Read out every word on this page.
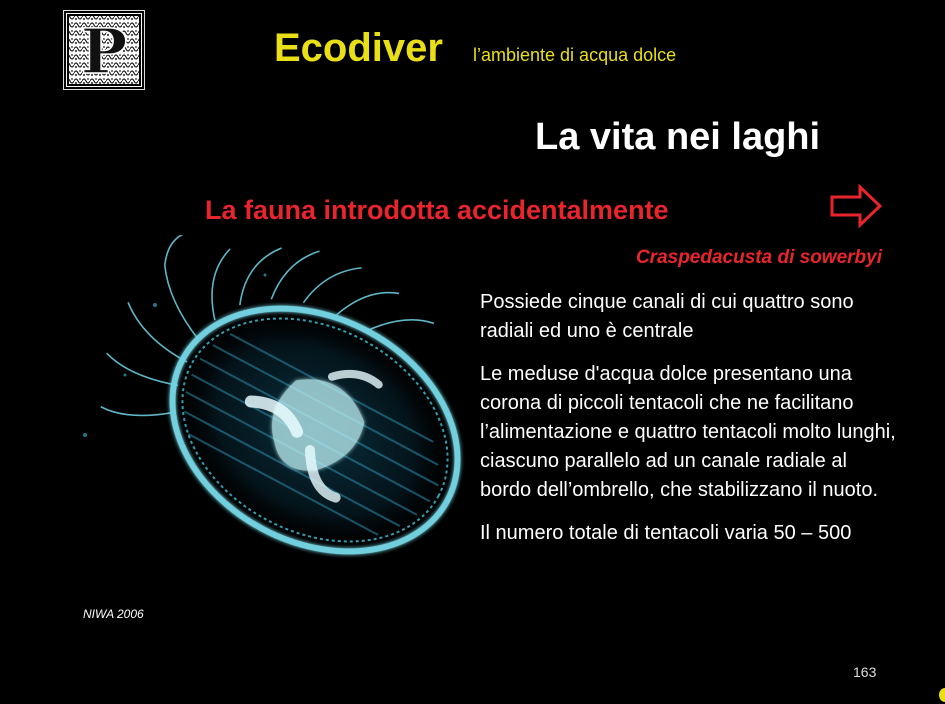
P	Ecodiver l’ambiente di acqua dolce
La vita nei laghi
La fauna introdotta accidentalmente
Craspedacusta di sowerbyi
NIWA 2006

Possiede cinque canali di cui quattro sono radiali ed uno è centrale

Le meduse d'acqua dolce presentano una corona di piccoli tentacoli che ne facilitano l’alimentazione e quattro tentacoli molto lunghi, ciascuno parallelo ad un canale radiale al bordo dell’ombrello, che stabilizzano il nuoto.

Il numero totale di tentacoli varia 50 – 500

163
